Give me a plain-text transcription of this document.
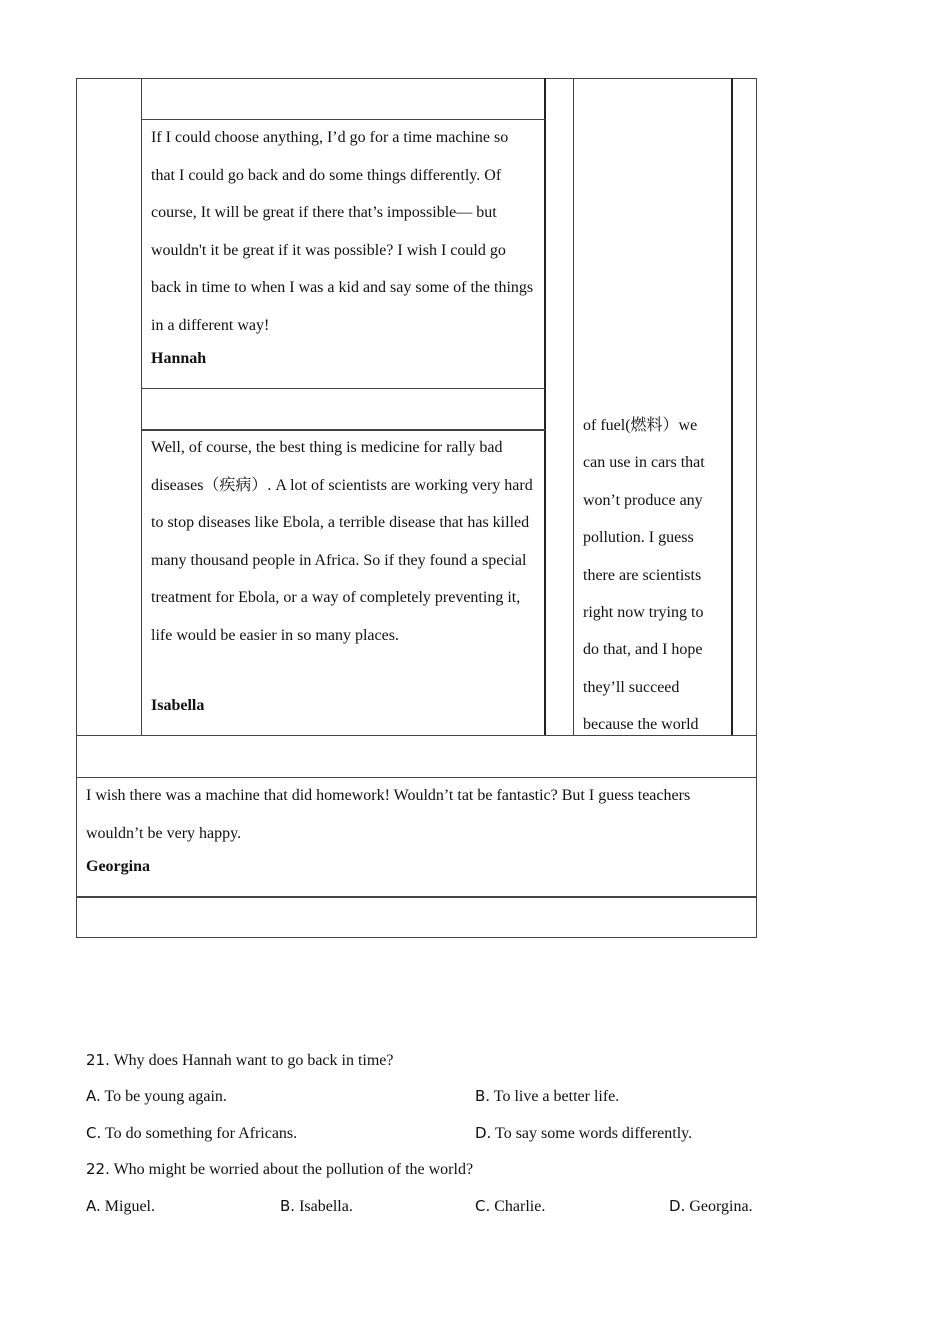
If I could choose anything, I’d go for a time machine so that I could go back and do some things differently. Of course, It will be great if there that’s impossible— but wouldn't it be great if it was possible? I wish I could go back in time to when I was a kid and say some of the things in a different way!

Hannah

Well, of course, the best thing is medicine for rally bad diseases（疾病）. A lot of scientists are working very hard to stop diseases like Ebola, a terrible disease that has killed many thousand people in Africa. So if they found a special treatment for Ebola, or a way of completely preventing it, life would be easier in so many places.

Isabella

of fuel(燃料）we
can use in cars that
won’t produce any
pollution. I guess
there are scientists
right now trying to
do that, and I hope
they’ll succeed
because the world

I wish there was a machine that did homework! Wouldn’t tat be fantastic? But I guess teachers wouldn’t be very happy.

Georgina

21. Why does Hannah want to go back in time?
A. To be young again.	B. To live a better life.
C. To do something for Africans.	D. To say some words differently.
22. Who might be worried about the pollution of the world?
A. Miguel.	B. Isabella.	C. Charlie.	D. Georgina.
